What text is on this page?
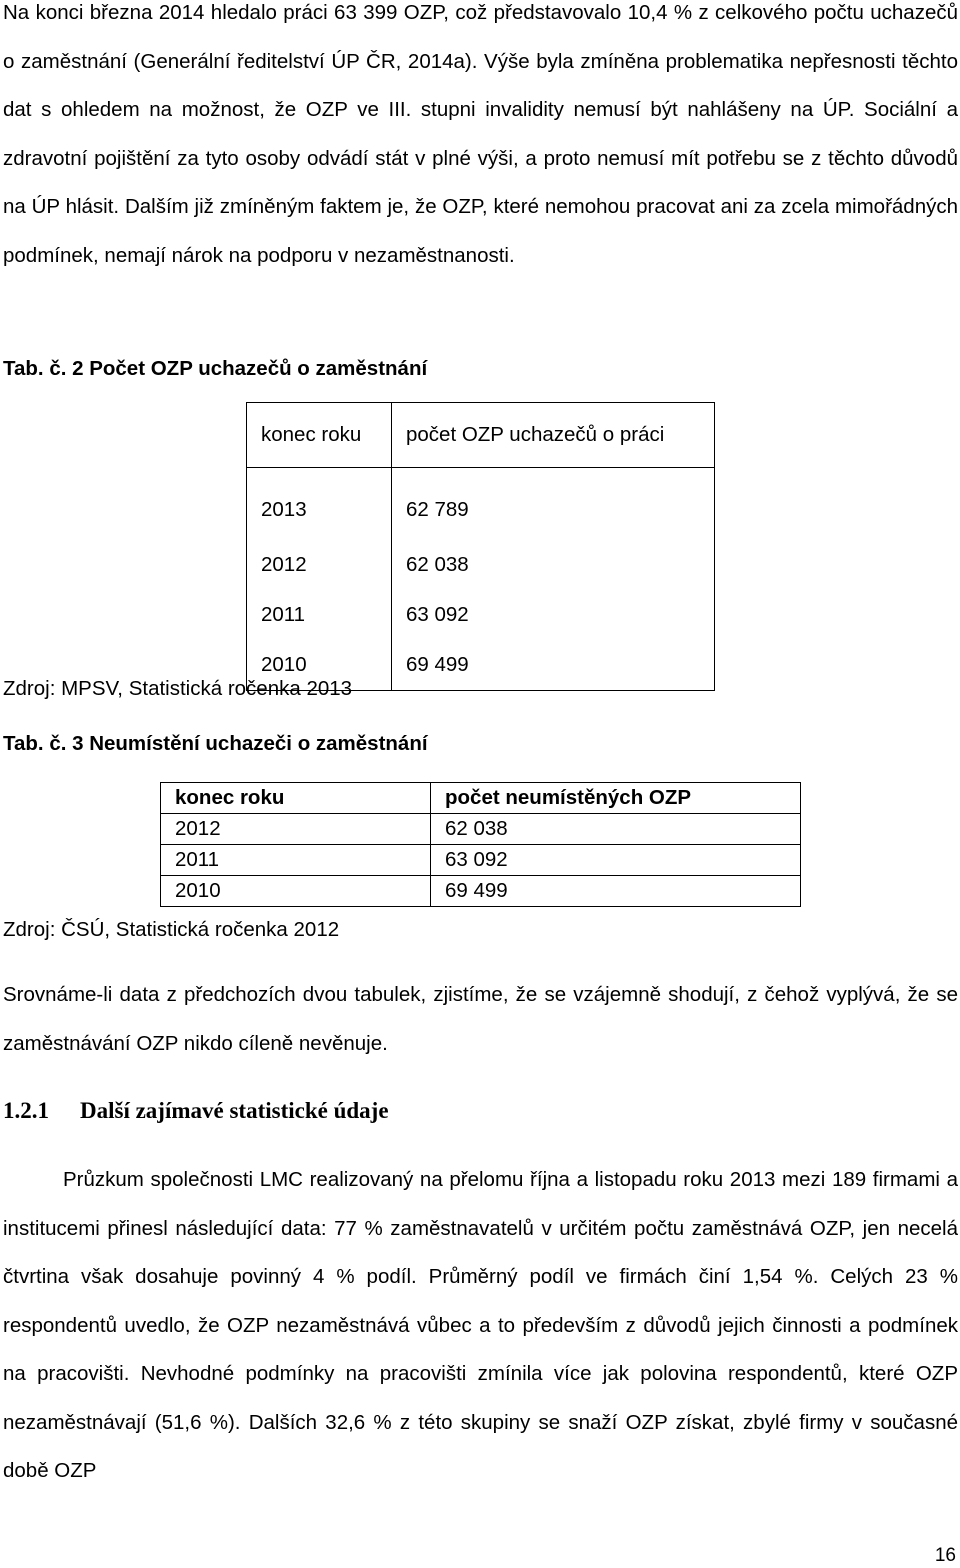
Na konci března 2014 hledalo práci 63 399 OZP, což představovalo 10,4 % z celkového počtu uchazečů o zaměstnání (Generální ředitelství ÚP ČR, 2014a). Výše byla zmíněna problematika nepřesnosti těchto dat s ohledem na možnost, že OZP ve III. stupni invalidity nemusí být nahlášeny na ÚP. Sociální a zdravotní pojištění za tyto osoby odvádí stát v plné výši, a proto nemusí mít potřebu se z těchto důvodů na ÚP hlásit. Dalším již zmíněným faktem je, že OZP, které nemohou pracovat ani za zcela mimořádných podmínek, nemají nárok na podporu v nezaměstnanosti.

Tab. č. 2 Počet OZP uchazečů o zaměstnání

konec roku	počet OZP uchazečů o práci
2013	62 789
2012	62 038
2011	63 092
2010	69 499

Zdroj: MPSV, Statistická ročenka 2013

Tab. č. 3 Neumístění uchazeči o zaměstnání

konec roku	počet neumístěných OZP
2012	62 038
2011	63 092
2010	69 499

Zdroj: ČSÚ, Statistická ročenka 2012

Srovnáme-li data z předchozích dvou tabulek, zjistíme, že se vzájemně shodují, z čehož vyplývá, že se zaměstnávání OZP nikdo cíleně nevěnuje.

1.2.1 Další zajímavé statistické údaje

Průzkum společnosti LMC realizovaný na přelomu října a listopadu roku 2013 mezi 189 firmami a institucemi přinesl následující data: 77 % zaměstnavatelů v určitém počtu zaměstnává OZP, jen necelá čtvrtina však dosahuje povinný 4 % podíl. Průměrný podíl ve firmách činí 1,54 %. Celých 23 % respondentů uvedlo, že OZP nezaměstnává vůbec a to především z důvodů jejich činnosti a podmínek na pracovišti. Nevhodné podmínky na pracovišti zmínila více jak polovina respondentů, které OZP nezaměstnávají (51,6 %). Dalších 32,6 % z této skupiny se snaží OZP získat, zbylé firmy v současné době OZP

16
